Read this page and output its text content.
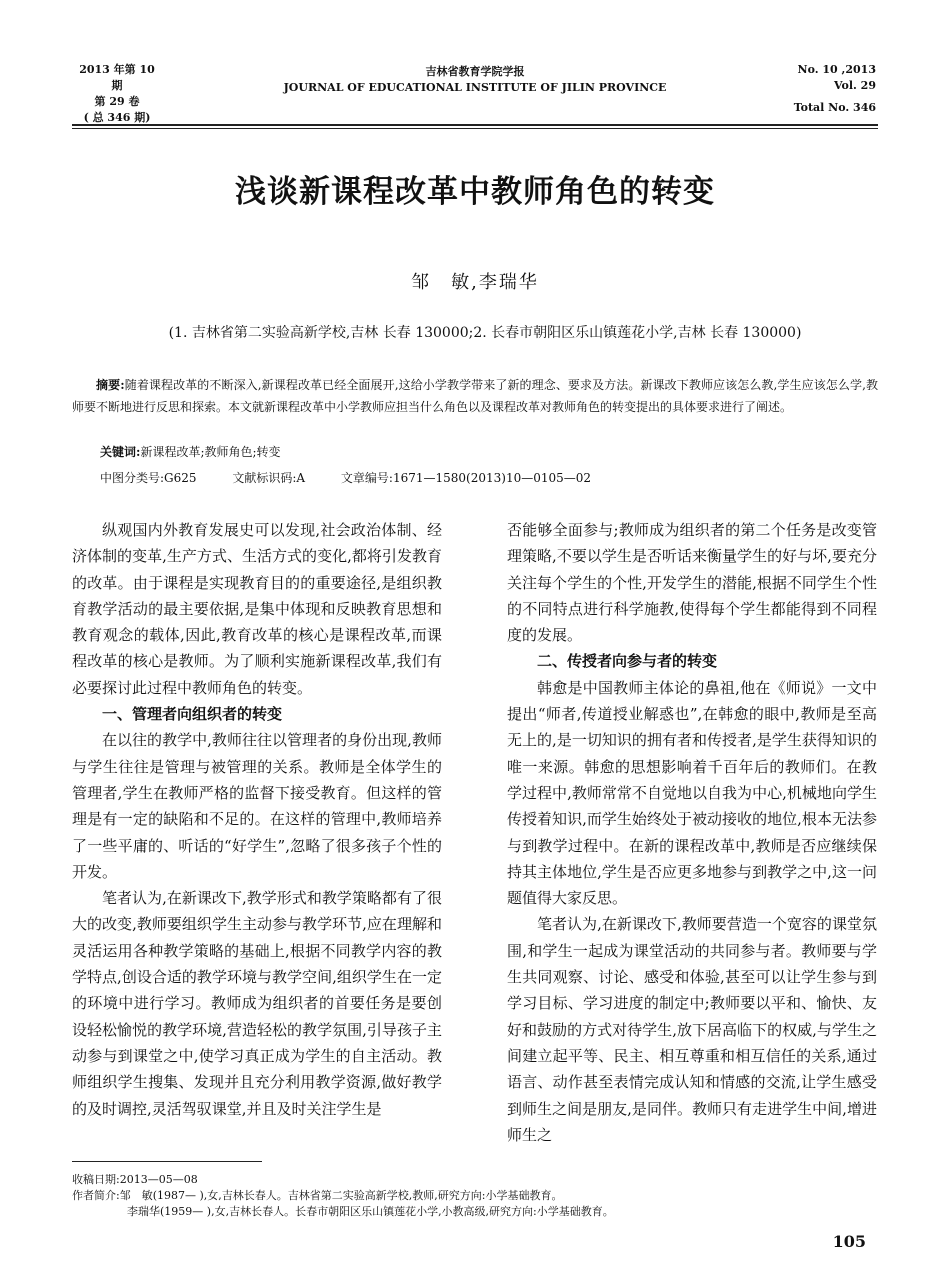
2013 年第 10 期
第 29 卷
( 总 346 期)
吉林省教育学院学报
JOURNAL OF EDUCATIONAL INSTITUTE OF JILIN PROVINCE
No. 10 ,2013
Vol. 29
Total No. 346
浅谈新课程改革中教师角色的转变
邹　敏,李瑞华
(1. 吉林省第二实验高新学校,吉林 长春 130000;2. 长春市朝阳区乐山镇莲花小学,吉林 长春 130000)
摘要:随着课程改革的不断深入,新课程改革已经全面展开,这给小学教学带来了新的理念、要求及方法。新课改下教师应该怎么教,学生应该怎么学,教师要不断地进行反思和探索。本文就新课程改革中小学教师应担当什么角色以及课程改革对教师角色的转变提出的具体要求进行了阐述。
关键词:新课程改革;教师角色;转变
中图分类号:G625	文献标识码:A	文章编号:1671—1580(2013)10—0105—02

纵观国内外教育发展史可以发现,社会政治体制、经济体制的变革,生产方式、生活方式的变化,都将引发教育的改革。由于课程是实现教育目的的重要途径,是组织教育教学活动的最主要依据,是集中体现和反映教育思想和教育观念的载体,因此,教育改革的核心是课程改革,而课程改革的核心是教师。为了顺利实施新课程改革,我们有必要探讨此过程中教师角色的转变。

一、管理者向组织者的转变

在以往的教学中,教师往往以管理者的身份出现,教师与学生往往是管理与被管理的关系。教师是全体学生的管理者,学生在教师严格的监督下接受教育。但这样的管理是有一定的缺陷和不足的。在这样的管理中,教师培养了一些平庸的、听话的“好学生”,忽略了很多孩子个性的开发。

笔者认为,在新课改下,教学形式和教学策略都有了很大的改变,教师要组织学生主动参与教学环节,应在理解和灵活运用各种教学策略的基础上,根据不同教学内容的教学特点,创设合适的教学环境与教学空间,组织学生在一定的环境中进行学习。教师成为组织者的首要任务是要创设轻松愉悦的教学环境,营造轻松的教学氛围,引导孩子主动参与到课堂之中,使学习真正成为学生的自主活动。教师组织学生搜集、发现并且充分利用教学资源,做好教学的及时调控,灵活驾驭课堂,并且及时关注学生是

否能够全面参与;教师成为组织者的第二个任务是改变管理策略,不要以学生是否听话来衡量学生的好与坏,要充分关注每个学生的个性,开发学生的潜能,根据不同学生个性的不同特点进行科学施教,使得每个学生都能得到不同程度的发展。

二、传授者向参与者的转变

韩愈是中国教师主体论的鼻祖,他在《师说》一文中提出“师者,传道授业解惑也”,在韩愈的眼中,教师是至高无上的,是一切知识的拥有者和传授者,是学生获得知识的唯一来源。韩愈的思想影响着千百年后的教师们。在教学过程中,教师常常不自觉地以自我为中心,机械地向学生传授着知识,而学生始终处于被动接收的地位,根本无法参与到教学过程中。在新的课程改革中,教师是否应继续保持其主体地位,学生是否应更多地参与到教学之中,这一问题值得大家反思。

笔者认为,在新课改下,教师要营造一个宽容的课堂氛围,和学生一起成为课堂活动的共同参与者。教师要与学生共同观察、讨论、感受和体验,甚至可以让学生参与到学习目标、学习进度的制定中;教师要以平和、愉快、友好和鼓励的方式对待学生,放下居高临下的权威,与学生之间建立起平等、民主、相互尊重和相互信任的关系,通过语言、动作甚至表情完成认知和情感的交流,让学生感受到师生之间是朋友,是同伴。教师只有走进学生中间,增进师生之

收稿日期:2013—05—08
作者简介:邹　敏(1987— ),女,吉林长春人。吉林省第二实验高新学校,教师,研究方向:小学基础教育。
李瑞华(1959— ),女,吉林长春人。长春市朝阳区乐山镇莲花小学,小教高级,研究方向:小学基础教育。
105
